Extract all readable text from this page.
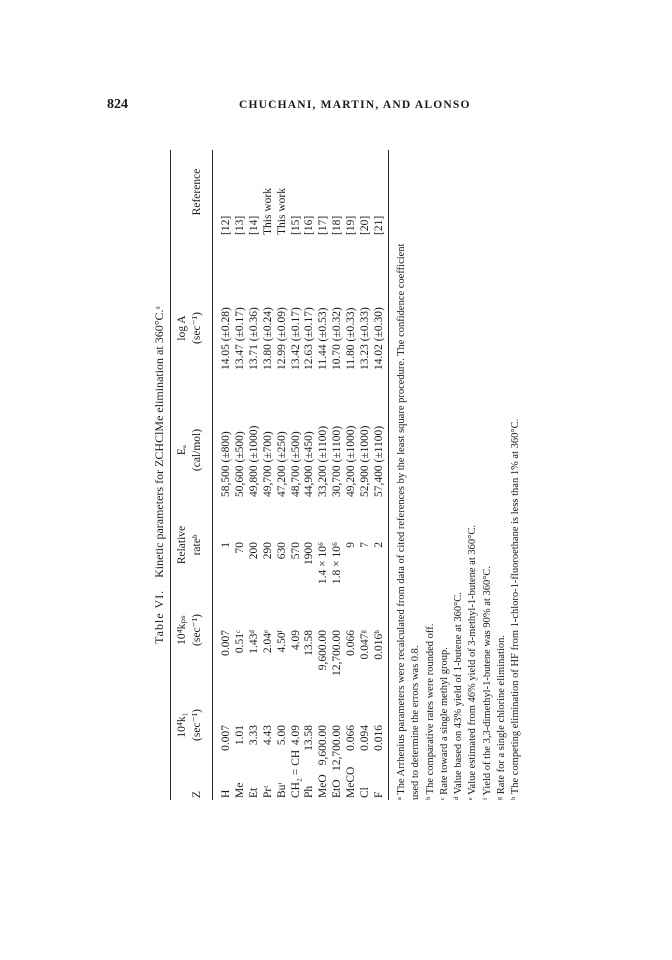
824	CHUCHANI, MARTIN, AND ALONSO
Table VI.    Kinetic parameters for ZCHClMe elimination at 360°C.ᵃ

Z
10⁴k₁ (sec⁻¹)
10⁴kₚₛ (sec⁻¹)
Relative rateᵇ
Eₐ (cal/mol)
log A (sec⁻¹)

Reference
H
0.007
0.007
1
58,500 (±800)
14.05 (±0.28)
[12]
Me
1.01
0.51ᶜ
70
50,600 (±500)
13.47 (±0.17)
[13]
Et
3.33
1.43ᵈ
200
49,800 (±1000)
13.71 (±0.36)
[14]
Prᵗ
4.43
2.04ᵉ
290
49,700 (±700)
13.80 (±0.24)
This work
Buᵗ
5.00
4.50ᶠ
630
47,200 (±250)
12.99 (±0.09)
This work
CH₂ = CH
4.09
4.09
570
48,700 (±500)
13.42 (±0.17)
[15]
Ph
13.58
13.58
1900
44,900 (±450)
12.63 (±0.17)
[16]
MeO
9,600.00
9,600.00
1.4 × 10⁶
33,200 (±1100)
11.44 (±0.53)
[17]
EtO
12,700.00
12,700.00
1.8 × 10⁶
30,700 (±1100)
10.70 (±0.32)
[18]
MeCO
0.066
0.066
9
49,200 (±1000)
11.80 (±0.33)
[19]
Cl
0.094
0.047ᵍ
7
52,900 (±1000)
13.23 (±0.33)
[20]
F
0.016
0.016ʰ
2
57,400 (±1100)
14.02 (±0.30)
[21]
ᵃ The Arrhenius parameters were recalculated from data of cited references by the least square procedure. The confidence coefficient used to determine the errors was 0.8. ᵇ The comparative rates were rounded off. ᶜ Rate toward a single methyl group. ᵈ Value based on 43% yield of 1-butene at 360°C. ᵉ Value estimated from 46% yield of 3-methyl-1-butene at 360°C. ᶠ Yield of the 3,3-dimethyl-1-butene was 90% at 360°C. ᵍ Rate for a single chlorine elimination. ʰ The competing elimination of HF from 1-chloro-1-fluoroethane is less than 1% at 360°C.
